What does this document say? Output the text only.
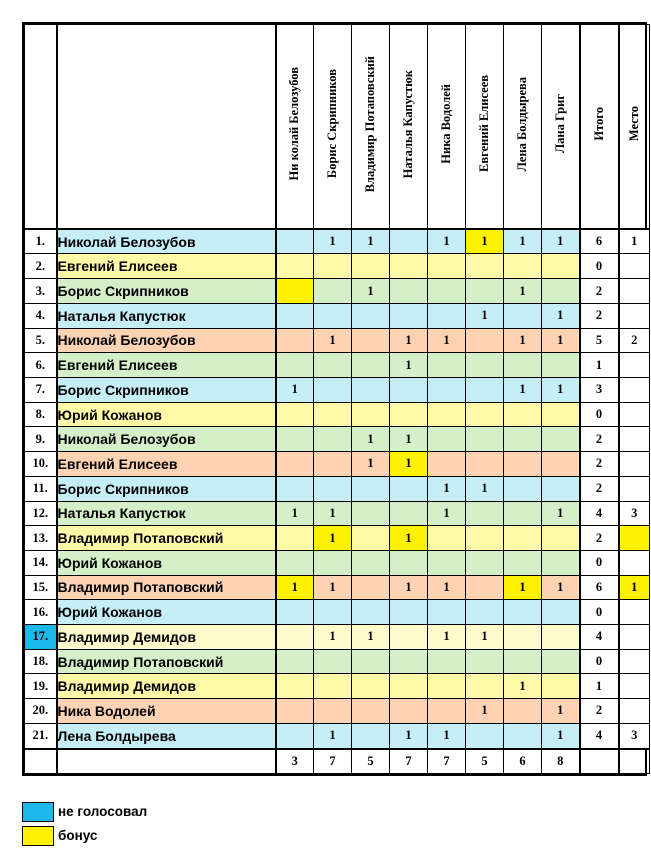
		Ни колай Белозубов	Борис Скрипников	Владимир Потаповский	Наталья Капустюк	Ника Водолей	Евгений Елисеев	Лена Болдырева	Лана Григ	Итого	Место
1.	Николай Белозубов		1	1		1	1	1	1	6	1
2.	Евгений Елисеев									0	
3.	Борис Скрипников			1				1		2	
4.	Наталья Капустюк						1		1	2	
5.	Николай Белозубов		1		1	1		1	1	5	2
6.	Евгений Елисеев				1					1	
7.	Борис Скрипников	1						1	1	3	
8.	Юрий Кожанов									0	
9.	Николай Белозубов			1	1					2	
10.	Евгений Елисеев			1	1					2	
11.	Борис Скрипников					1	1			2	
12.	Наталья Капустюк	1	1			1			1	4	3
13.	Владимир Потаповский		1		1					2	
14.	Юрий Кожанов									0	
15.	Владимир Потаповский	1	1		1	1		1	1	6	1
16.	Юрий Кожанов									0	
17.	Владимир Демидов		1	1		1	1			4	
18.	Владимир Потаповский									0	
19.	Владимир Демидов							1		1	
20.	Ника Водолей						1		1	2	
21.	Лена Болдырева		1		1	1			1	4	3
		3	7	5	7	7	5	6	8		
не голосовал
бонус
